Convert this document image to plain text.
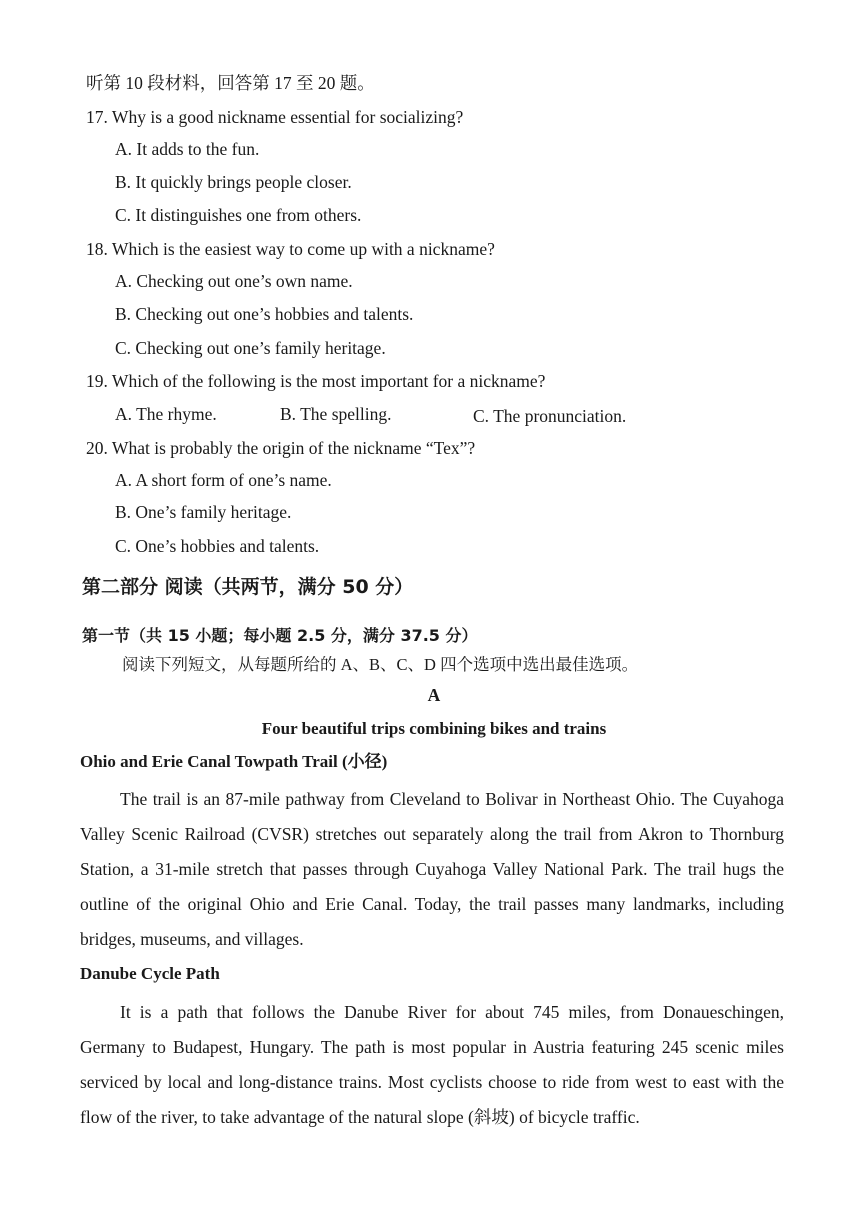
听第 10 段材料，回答第 17 至 20 题。
17. Why is a good nickname essential for socializing?
A. It adds to the fun.
B. It quickly brings people closer.
C. It distinguishes one from others.
18. Which is the easiest way to come up with a nickname?
A. Checking out one’s own name.
B. Checking out one’s hobbies and talents.
C. Checking out one’s family heritage.
19. Which of the following is the most important for a nickname?
A. The rhyme.	B. The spelling.	C. The pronunciation.
20. What is probably the origin of the nickname “Tex”?
A. A short form of one’s name.
B. One’s family heritage.
C. One’s hobbies and talents.
第二部分 阅读（共两节，满分 50 分）
第一节（共 15 小题；每小题 2.5 分，满分 37.5 分）
阅读下列短文，从每题所给的 A、B、C、D 四个选项中选出最佳选项。
A
Four beautiful trips combining bikes and trains
Ohio and Erie Canal Towpath Trail (小径)
The trail is an 87-mile pathway from Cleveland to Bolivar in Northeast Ohio. The Cuyahoga Valley Scenic Railroad (CVSR) stretches out separately along the trail from Akron to Thornburg Station, a 31-mile stretch that passes through Cuyahoga Valley National Park. The trail hugs the outline of the original Ohio and Erie Canal. Today, the trail passes many landmarks, including bridges, museums, and villages.
Danube Cycle Path
It is a path that follows the Danube River for about 745 miles, from Donaueschingen, Germany to Budapest, Hungary. The path is most popular in Austria featuring 245 scenic miles serviced by local and long-distance trains. Most cyclists choose to ride from west to east with the flow of the river, to take advantage of the natural slope (斜坡) of bicycle traffic.
